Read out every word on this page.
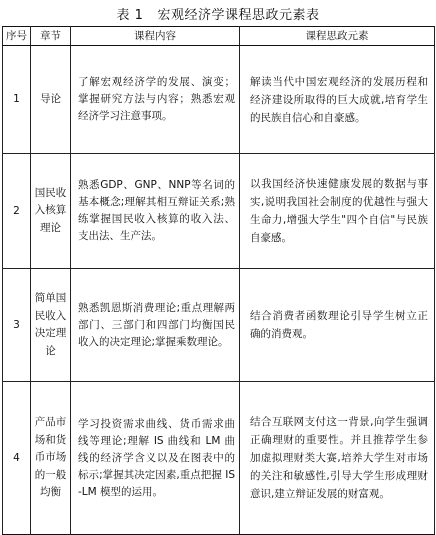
表 1 宏观经济学课程思政元素表
序号	章节	课程内容	课程思政元素
1	导论	了解宏观经济学的发展、演变；掌握研究方法与内容；熟悉宏观经济学习注意事项。	解读当代中国宏观经济的发展历程和经济建设所取得的巨大成就,培育学生的民族自信心和自豪感。
2	国民收入核算理论	熟悉GDP、GNP、NNP等名词的基本概念;理解其相互辩证关系;熟练掌握国民收入核算的收入法、支出法、生产法。	以我国经济快速健康发展的数据与事实,说明我国社会制度的优越性与强大生命力,增强大学生"四个自信"与民族自豪感。
3	简单国民收入决定理论	熟悉凯恩斯消费理论;重点理解两部门、三部门和四部门均衡国民收入的决定理论;掌握乘数理论。	结合消费者函数理论引导学生树立正确的消费观。
4	产品市场和货币市场的一般均衡	学习投资需求曲线、货币需求曲线等理论;理解 IS 曲线和 LM 曲线的经济学含义以及在图表中的标示;掌握其决定因素,重点把握 IS -LM 模型的运用。	结合互联网支付这一背景,向学生强调正确理财的重要性。并且推荐学生参加虚拟理财类大赛,培养大学生对市场的关注和敏感性,引导大学生形成理财意识,建立辩证发展的财富观。
